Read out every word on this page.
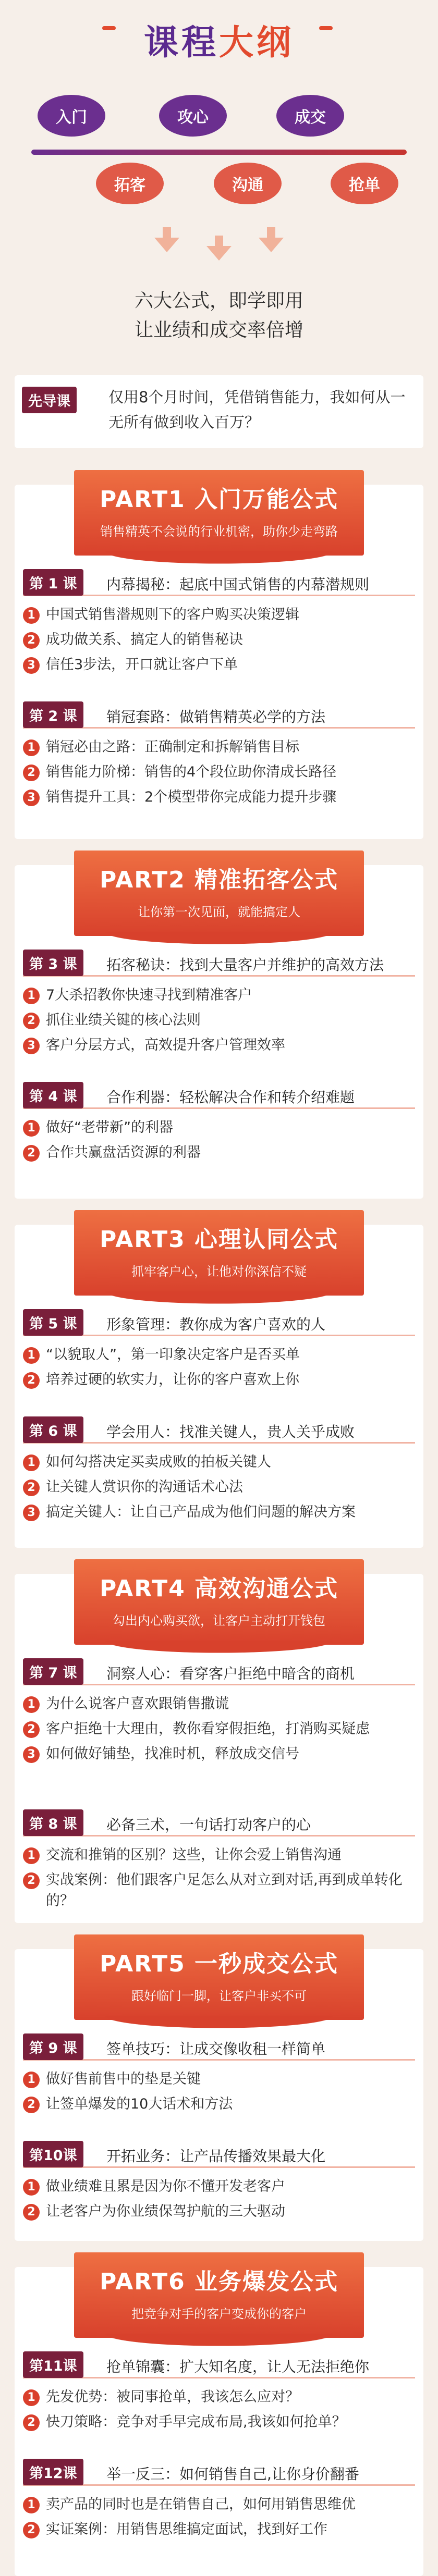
课程大纲
入门	攻心	成交
拓客	沟通	抢单
六大公式，即学即用
让业绩和成交率倍增
先导课	仅用8个月时间，凭借销售能力，我如何从一无所有做到收入百万？
PART1 入门万能公式
销售精英不会说的行业机密，助你少走弯路
第 1 课	内幕揭秘：起底中国式销售的内幕潜规则
1 中国式销售潜规则下的客户购买决策逻辑
2 成功做关系、搞定人的销售秘诀
3 信任3步法，开口就让客户下单
第 2 课	销冠套路：做销售精英必学的方法
1 销冠必由之路：正确制定和拆解销售目标
2 销售能力阶梯：销售的4个段位助你清成长路径
3 销售提升工具：2个模型带你完成能力提升步骤
PART2 精准拓客公式
让你第一次见面，就能搞定人
第 3 课	拓客秘诀：找到大量客户并维护的高效方法
1 7大杀招教你快速寻找到精准客户
2 抓住业绩关键的核心法则
3 客户分层方式，高效提升客户管理效率
第 4 课	合作利器：轻松解决合作和转介绍难题
1 做好“老带新”的利器
2 合作共赢盘活资源的利器
PART3 心理认同公式
抓牢客户心，让他对你深信不疑
第 5 课	形象管理：教你成为客户喜欢的人
1 “以貌取人”，第一印象决定客户是否买单
2 培养过硬的软实力，让你的客户喜欢上你
第 6 课	学会用人：找准关键人，贵人关乎成败
1 如何勾搭决定买卖成败的拍板关键人
2 让关键人赏识你的沟通话术心法
3 搞定关键人：让自己产品成为他们问题的解决方案
PART4 高效沟通公式
勾出内心购买欲，让客户主动打开钱包
第 7 课	洞察人心：看穿客户拒绝中暗含的商机
1 为什么说客户喜欢跟销售撒谎
2 客户拒绝十大理由，教你看穿假拒绝，打消购买疑虑
3 如何做好铺垫，找准时机，释放成交信号
第 8 课	必备三术，一句话打动客户的心
1 交流和推销的区别？这些，让你会爱上销售沟通
2 实战案例：他们跟客户足怎么从对立到对话,再到成单转化的？
PART5 一秒成交公式
跟好临门一脚，让客户非买不可
第 9 课	签单技巧：让成交像收租一样简单
1 做好售前售中的垫是关键
2 让签单爆发的10大话术和方法
第10课	开拓业务：让产品传播效果最大化
1 做业绩难且累是因为你不懂开发老客户
2 让老客户为你业绩保驾护航的三大驱动
PART6 业务爆发公式
把竞争对手的客户变成你的客户
第11课	抢单锦囊：扩大知名度，让人无法拒绝你
1 先发优势：被同事抢单，我该怎么应对？
2 快刀策略：竞争对手早完成布局,我该如何抢单？
第12课	举一反三：如何销售自己,让你身价翻番
1 卖产品的同时也是在销售自己，如何用销售思维优
2 实证案例：用销售思维搞定面试，找到好工作
